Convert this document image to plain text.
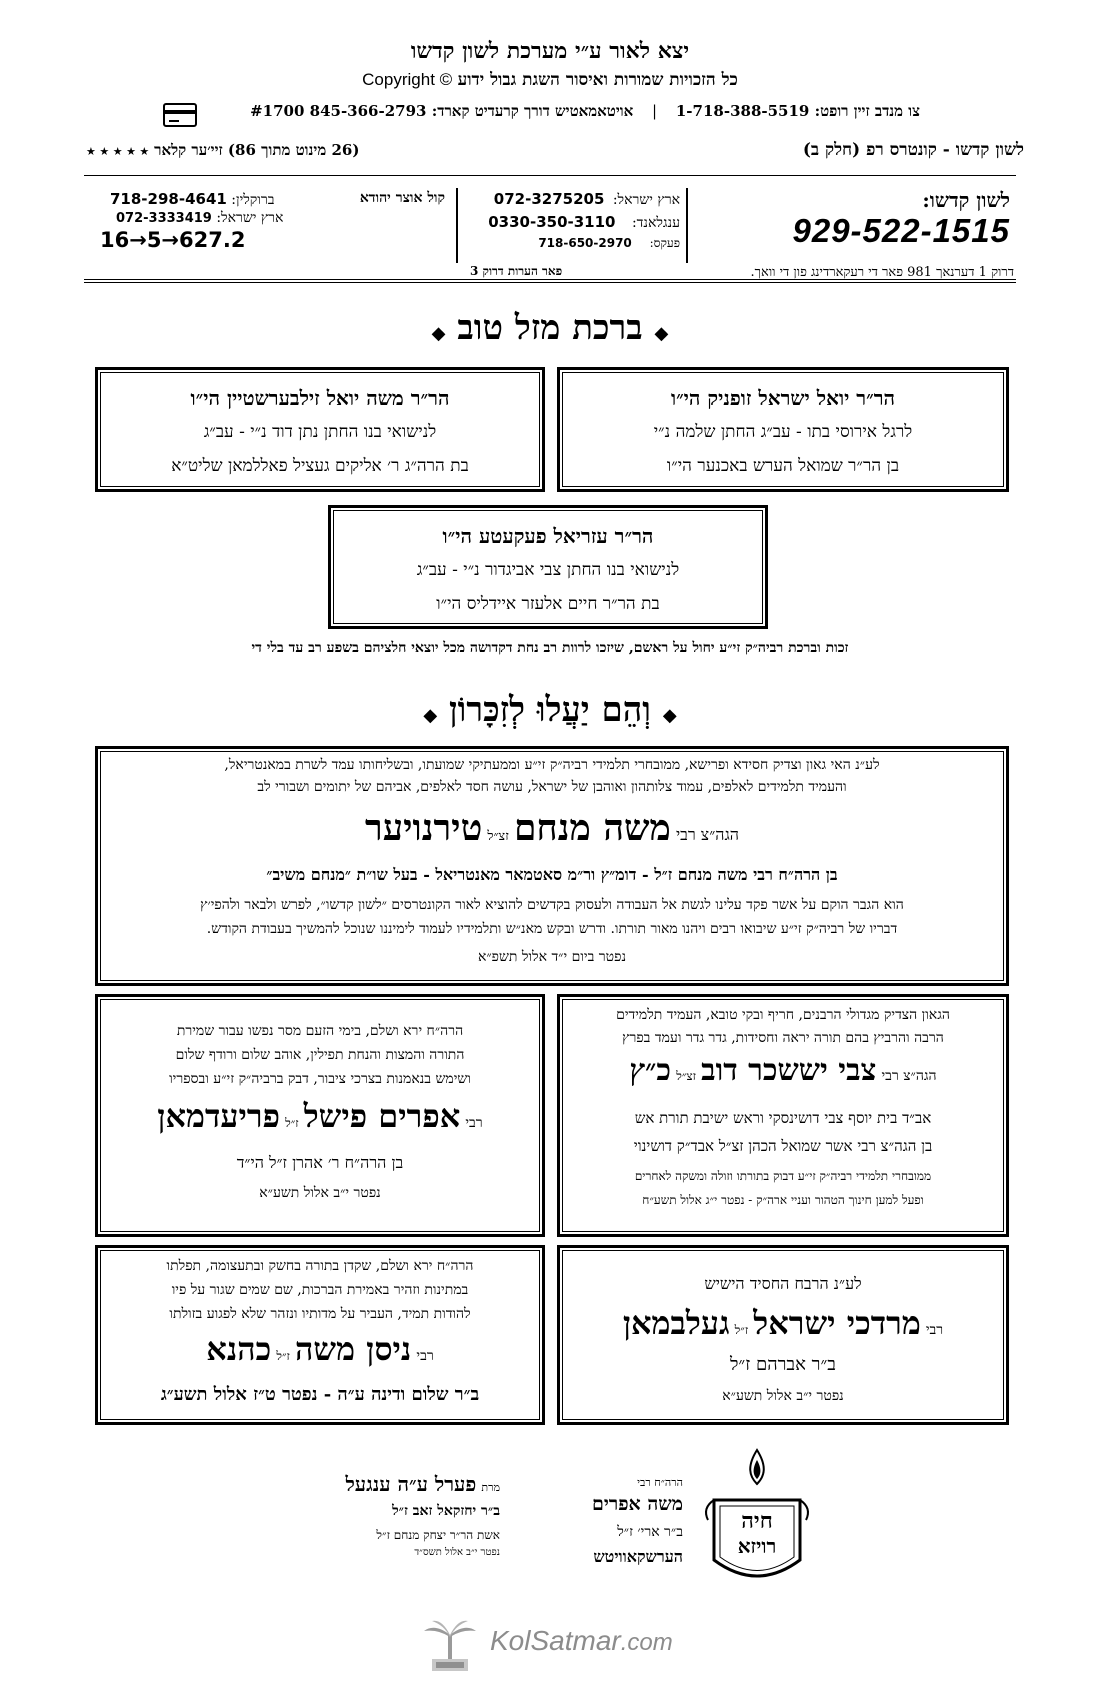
יצא לאור ע״י מערכת לשון קדשו
Copyright © כל הזכויות שמורות ואיסור השגת גבול ידוע
צו מנדב זיין רופט: 1-718-388-5519 | אויטאמאטיש דורך קרעדיט קארד: 845-366-2793 #1700
לשון קדשו - קונטרס רפ (חלק ב)
★ ★ ★ ★ ★ (26 מינוט מתוך 86) זיי׳ער קלאר
קול אוצר יהודא
ברוקלין: 718-298-4641
ארץ ישראל: 072-3333419
16→5→627.2
ארץ ישראל: 072-3275205
ענגלאנד: 0330-350-3110
פעקס: 718-650-2970
לשון קדשו:
929-522-1515
דרוק 1 דערנאך 981 פאר די רעקארדינג פון די וואך.
פאר הערות דרוק 3
◆ ברכת מזל טוב ◆
הר״ר יואל ישראל זופניק הי״ו
לרגל אירוסי בתו - עב״ג החתן שלמה נ״י
בן הר״ר שמואל הערש באכנער הי״ו
הר״ר משה יואל זילבערשטיין הי״ו
לנישואי בנו החתן נתן דוד נ״י - עב״ג
בת הרה״ג ר׳ אליקים געציל פאללמאן שליט״א
הר״ר עזריאל פעקעטע הי״ו
לנישואי בנו החתן צבי אביגדור נ״י - עב״ג
בת הר״ר חיים אלעזר איידליס הי״ו
זכות וברכת רביה״ק זי״ע יחול על ראשם, שיזכו לרוות רב נחת דקדושה מכל יוצאי חלציהם בשפע רב עד בלי די
◆ וְהֵם יַעֲלוּ לְזִכָּרוֹן ◆
לע״נ האי גאון וצדיק חסידא ופרישא, ממובחרי תלמידי רביה״ק זי״ע וממעתיקי שמועתו, ובשליחותו עמד לשרת במאנטריאל,
והעמיד תלמידים לאלפים, עמוד צלותהון ואוהבן של ישראל, עושה חסד לאלפים, אביהם של יתומים ושבורי לב
הגה״צ רבי משה מנחם זצ״ל טירנויער
בן הרה״ח רבי משה מנחם ז״ל - דומ״ץ ור״מ סאטמאר מאנטריאל - בעל שו״ת ״מנחם משיב״
הוא הגבר הוקם על אשר פקד עלינו לגשת אל העבודה ולעסוק בקדשים להוציא לאור הקונטרסים ״לשון קדשו״, לפרש ולבאר ולהפי׳ץ
דבריו של רביה״ק זי״ע שיבואו רבים ויהנו מאור תורתו. ודרש ובקש מאנ״ש ותלמידיו לעמוד לימיננו שנוכל להמשיך בעבודת הקודש.
נפטר ביום י״ד אלול תשפ״א
הגאון הצדיק מגדולי הרבנים, חריף ובקי טובא, העמיד תלמידים
הרבה והרביץ בהם תורה יראה וחסידות, גדר גדר ועמד בפרץ
הגה״צ רבי צבי יששכר דוב זצ״ל כ״ץ
אב״ד בית יוסף צבי דושינסקי וראש ישיבת תורת אש
בן הגה״צ רבי אשר שמואל הכהן זצ״ל אבד״ק דושינוי
ממובחרי תלמידי רביה״ק זי״ע דבוק בתורתו וזולה ומשקה לאחרים
ופעל למען חינוך הטהור ועניי ארה״ק - נפטר י״ג אלול תשע״ח
הרה״ח ירא ושלם, בימי הזעם מסר נפשו עבור שמירת
התורה והמצות והנחת תפילין, אוהב שלום ורודף שלום
ושימש בנאמנות בצרכי ציבור, דבק ברביה״ק זי״ע ובספריו
רבי אפרים פישל ז״ל פריעדמאן
בן הרה״ח ר׳ אהרן ז״ל הי״ד
נפטר י״ב אלול תשע״א
לע״נ הרבח החסיד הישיש
רבי מרדכי ישראל ז״ל געלבמאן
ב״ר אברהם ז״ל
נפטר י״ב אלול תשע״א
הרה״ח ירא ושלם, שקדן בתורה בחשק ובתעצומה, תפלתו
במתינות וזהיר באמירת הברכות, שם שמים שגור על פיו
להודות תמיד, העביר על מדותיו ונזהר שלא לפגוע בזולתו
רבי ניסן משה ז״ל כהנא
ב״ר שלום ודינה ע״ה - נפטר ט״ז אלול תשע״ג
חיה
רויזא
הרה״ח רבי
משה אפרים
ב״ר ארי׳ ז״ל
הערשקאוויטש
מרת פערל ע״ה ענגעל
ב״ר יחזקאל זאב ז״ל
אשת הר״ר יצחק מנחם ז״ל
נפטר י״ב אלול תשס״ד
KolSatmar.com
